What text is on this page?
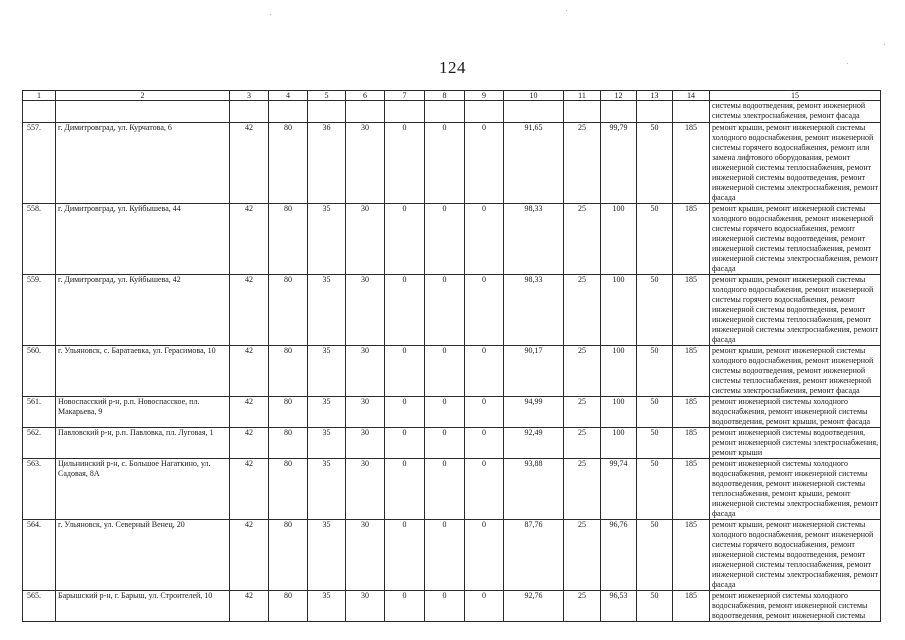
124
1	2	3	4	5	6	7	8	9	10	11	12	13	14	15
														системы водоотведения, ремонт инженерной системы электроснабжения, ремонт фасада
557.	г. Димитровград, ул. Курчатова, 6	42	80	36	30	0	0	0	91,65	25	99,79	50	185	ремонт крыши, ремонт инженерной системы холодного водоснабжения, ремонт инженерной системы горячего водоснабжения, ремонт или замена лифтового оборудования, ремонт инженерной системы теплоснабжения, ремонт инженерной системы водоотведения, ремонт инженерной системы электроснабжения, ремонт фасада
558.	г. Димитровград, ул. Куйбышева, 44	42	80	35	30	0	0	0	98,33	25	100	50	185	ремонт крыши, ремонт инженерной системы холодного водоснабжения, ремонт инженерной системы горячего водоснабжения, ремонт инженерной системы водоотведения, ремонт инженерной системы теплоснабжения, ремонт инженерной системы электроснабжения, ремонт фасада
559.	г. Димитровград, ул. Куйбышева, 42	42	80	35	30	0	0	0	98,33	25	100	50	185	ремонт крыши, ремонт инженерной системы холодного водоснабжения, ремонт инженерной системы горячего водоснабжения, ремонт инженерной системы водоотведения, ремонт инженерной системы теплоснабжения, ремонт инженерной системы электроснабжения, ремонт фасада
560.	г. Ульяновск, с. Баратаевка, ул. Герасимова, 10	42	80	35	30	0	0	0	90,17	25	100	50	185	ремонт крыши, ремонт инженерной системы холодного водоснабжения, ремонт инженерной системы водоотведения, ремонт инженерной системы теплоснабжения, ремонт инженерной системы электроснабжения, ремонт фасада
561.	Новоспасский р-н, р.п. Новоспасское, пл. Макарьева, 9	42	80	35	30	0	0	0	94,99	25	100	50	185	ремонт инженерной системы холодного водоснабжения, ремонт инженерной системы водоотведения, ремонт крыши, ремонт фасада
562.	Павловский р-н, р.п. Павловка, пл. Луговая, 1	42	80	35	30	0	0	0	92,49	25	100	50	185	ремонт инженерной системы водоотведения, ремонт инженерной системы электроснабжения, ремонт крыши
563.	Цильнинский р-н, с. Большое Нагаткино, ул. Садовая, 8А	42	80	35	30	0	0	0	93,88	25	99,74	50	185	ремонт инженерной системы холодного водоснабжения, ремонт инженерной системы водоотведения, ремонт инженерной системы теплоснабжения, ремонт крыши, ремонт инженерной системы электроснабжения, ремонт фасада
564.	г. Ульяновск, ул. Северный Венец, 20	42	80	35	30	0	0	0	87,76	25	96,76	50	185	ремонт крыши, ремонт инженерной системы холодного водоснабжения, ремонт инженерной системы горячего водоснабжения, ремонт инженерной системы водоотведения, ремонт инженерной системы теплоснабжения, ремонт инженерной системы электроснабжения, ремонт фасада
565.	Барышский р-н, г. Барыш, ул. Строителей, 10	42	80	35	30	0	0	0	92,76	25	96,53	50	185	ремонт инженерной системы холодного водоснабжения, ремонт инженерной системы водоотведения, ремонт инженерной системы
